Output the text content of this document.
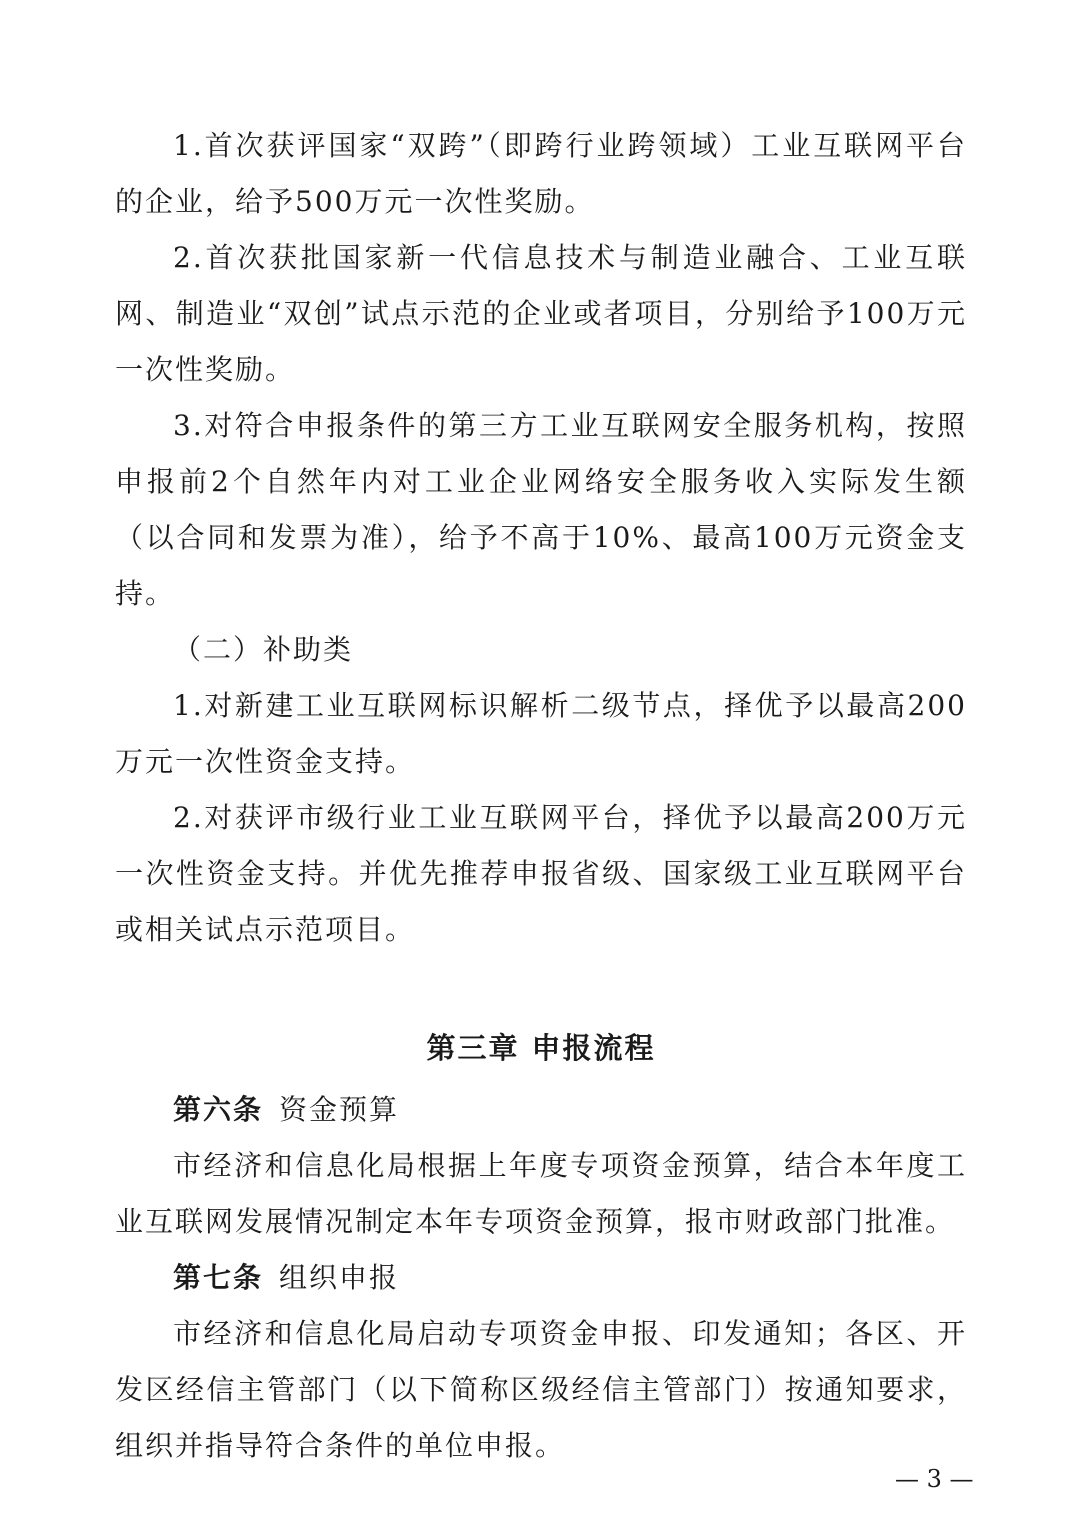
1.首次获评国家“双跨”（即跨行业跨领域）工业互联网平台的企业，给予500万元一次性奖励。

2.首次获批国家新一代信息技术与制造业融合、工业互联网、制造业“双创”试点示范的企业或者项目，分别给予100万元一次性奖励。

3.对符合申报条件的第三方工业互联网安全服务机构，按照申报前2个自然年内对工业企业网络安全服务收入实际发生额（以合同和发票为准），给予不高于10%、最高100万元资金支持。

（二）补助类

1.对新建工业互联网标识解析二级节点，择优予以最高200万元一次性资金支持。

2.对获评市级行业工业互联网平台，择优予以最高200万元一次性资金支持。并优先推荐申报省级、国家级工业互联网平台或相关试点示范项目。

第三章 申报流程

第六条 资金预算

市经济和信息化局根据上年度专项资金预算，结合本年度工业互联网发展情况制定本年专项资金预算，报市财政部门批准。

第七条 组织申报

市经济和信息化局启动专项资金申报、印发通知；各区、开发区经信主管部门（以下简称区级经信主管部门）按通知要求，组织并指导符合条件的单位申报。

— 3 —
